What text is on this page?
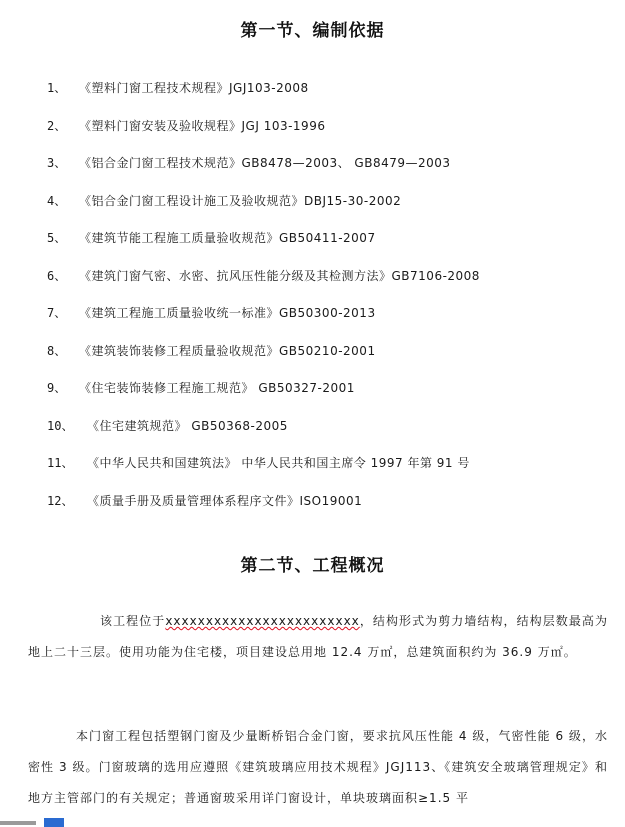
第一节、编制依据
1、 《塑料门窗工程技术规程》JGJ103-2008
2、 《塑料门窗安装及验收规程》JGJ 103-1996
3、 《铝合金门窗工程技术规范》GB8478—2003、 GB8479—2003
4、 《铝合金门窗工程设计施工及验收规范》DBJ15-30-2002
5、 《建筑节能工程施工质量验收规范》GB50411-2007
6、 《建筑门窗气密、水密、抗风压性能分级及其检测方法》GB7106-2008
7、 《建筑工程施工质量验收统一标准》GB50300-2013
8、 《建筑装饰装修工程质量验收规范》GB50210-2001
9、 《住宅装饰装修工程施工规范》 GB50327-2001
10、 《住宅建筑规范》 GB50368-2005
11、 《中华人民共和国建筑法》 中华人民共和国主席令 1997 年第 91 号
12、 《质量手册及质量管理体系程序文件》ISO19001
第二节、工程概况
该工程位于xxxxxxxxxxxxxxxxxxxxxxxx，结构形式为剪力墙结构，结构层数最高为地上二十三层。使用功能为住宅楼，项目建设总用地 12.4 万㎡，总建筑面积约为 36.9 万㎡。
本门窗工程包括塑钢门窗及少量断桥铝合金门窗，要求抗风压性能 4 级，气密性能 6 级，水密性 3 级。门窗玻璃的选用应遵照《建筑玻璃应用技术规程》JGJ113、《建筑安全玻璃管理规定》和地方主管部门的有关规定；普通窗玻采用详门窗设计，单块玻璃面积≥1.5 平
